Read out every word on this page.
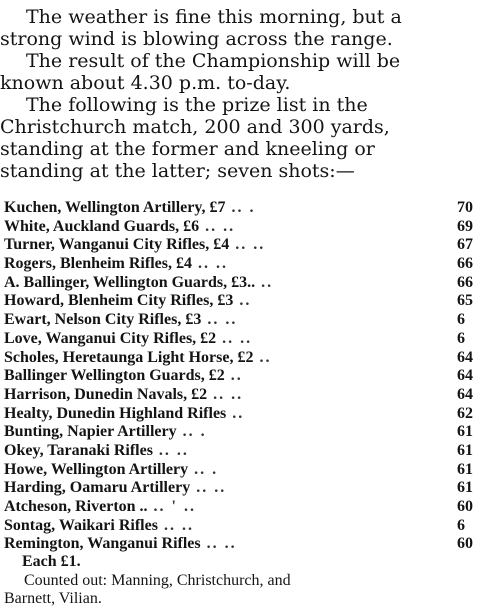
The weather is fine this morning, but a
strong wind is blowing across the range.
The result of the Championship will be
known about 4.30 p.m. to-day.
The following is the prize list in the
Christchurch match, 200 and 300 yards,
standing at the former and kneeling or
standing at the latter; seven shots:—
Kuchen, Wellington Artillery, £7 .. .	70
White, Auckland Guards, £6 .. ..	69
Turner, Wanganui City Rifles, £4 .. ..	67
Rogers, Blenheim Rifles, £4 .. ..	66
A. Ballinger, Wellington Guards, £3.. ..	66
Howard, Blenheim City Rifles, £3 ..	65
Ewart, Nelson City Rifles, £3 .. ..	6
Love, Wanganui City Rifles, £2 .. ..	6
Scholes, Heretaunga Light Horse, £2 ..	64
Ballinger Wellington Guards, £2 ..	64
Harrison, Dunedin Navals, £2 .. ..	64
Healty, Dunedin Highland Rifles ..	62
Bunting, Napier Artillery .. .	61
Okey, Taranaki Rifles .. ..	61
Howe, Wellington Artillery .. .	61
Harding, Oamaru Artillery .. ..	61
Atcheson, Riverton .. .. ' ..	60
Sontag, Waikari Rifles .. ..	6
Remington, Wanganui Rifles .. ..	60
Each £1.
Counted out: Manning, Christchurch, and
Barnett, Vilian.
